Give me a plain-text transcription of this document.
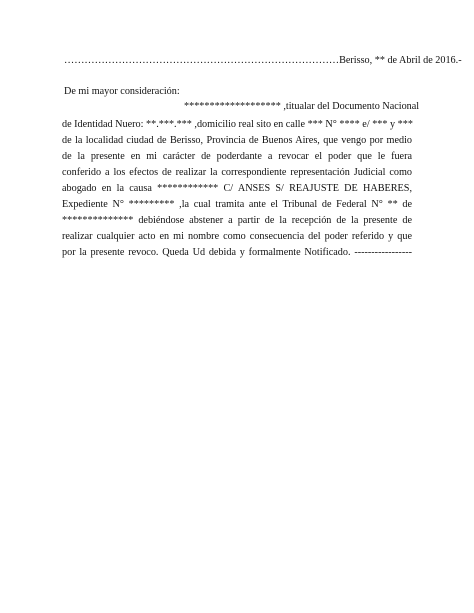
………………………………………………………………………Berisso, ** de Abril de 2016.-
De mi mayor consideración:
******************* ,titualar del Documento Nacional
de Identidad Nuero: **.***.*** ,domicilio real sito en calle *** N° **** e/ *** y ***
de la localidad ciudad de Berisso, Provincia de Buenos Aires, que vengo por medio
de la presente en mi carácter de poderdante a revocar el poder que le fuera
conferido a los efectos de realizar la correspondiente representación Judicial como
abogado en la causa ************ C/ ANSES S/ REAJUSTE DE HABERES,
Expediente N° ********* ,la cual tramita ante el Tribunal de Federal N° ** de
************** debiéndose abstener a partir de la recepción de la presente de
realizar cualquier acto en mi nombre como consecuencia del poder referido y que
por la presente revoco. Queda Ud debida y formalmente Notificado. -----------------
